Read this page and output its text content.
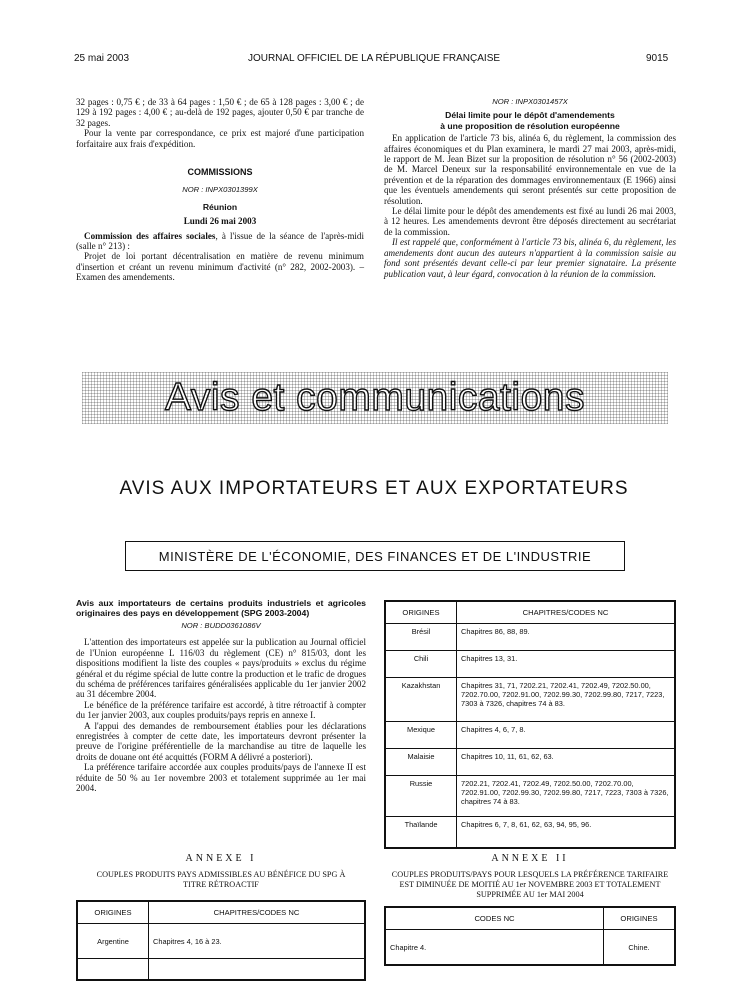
25 mai 2003	JOURNAL OFFICIEL DE LA RÉPUBLIQUE FRANÇAISE	9015

32 pages : 0,75 € ; de 33 à 64 pages : 1,50 € ; de 65 à 128 pages : 3,00 € ; de 129 à 192 pages : 4,00 € ; au-delà de 192 pages, ajouter 0,50 € par tranche de 32 pages.

Pour la vente par correspondance, ce prix est majoré d'une participation forfaitaire aux frais d'expédition.

COMMISSIONS

NOR : INPX0301399X

Réunion

Lundi 26 mai 2003

Commission des affaires sociales, à l'issue de la séance de l'après-midi (salle n° 213) :

Projet de loi portant décentralisation en matière de revenu minimum d'insertion et créant un revenu minimum d'activité (n° 282, 2002-2003). – Examen des amendements.

NOR : INPX0301457X

Délai limite pour le dépôt d'amendements

à une proposition de résolution européenne

En application de l'article 73 bis, alinéa 6, du règlement, la commission des affaires économiques et du Plan examinera, le mardi 27 mai 2003, après-midi, le rapport de M. Jean Bizet sur la proposition de résolution n° 56 (2002-2003) de M. Marcel Deneux sur la responsabilité environnementale en vue de la prévention et de la réparation des dommages environnementaux (E 1966) ainsi que les éventuels amendements qui seront présentés sur cette proposition de résolution.

Le délai limite pour le dépôt des amendements est fixé au lundi 26 mai 2003, à 12 heures. Les amendements devront être déposés directement au secrétariat de la commission.

Il est rappelé que, conformément à l'article 73 bis, alinéa 6, du règlement, les amendements dont aucun des auteurs n'appartient à la commission saisie au fond sont présentés devant celle-ci par leur premier signataire. La présente publication vaut, à leur égard, convocation à la réunion de la commission.

Avis et communications
AVIS AUX IMPORTATEURS ET AUX EXPORTATEURS
MINISTÈRE DE L'ÉCONOMIE, DES FINANCES ET DE L'INDUSTRIE

Avis aux importateurs de certains produits industriels et agricoles originaires des pays en développement (SPG 2003-2004)

NOR : BUDD0361086V

L'attention des importateurs est appelée sur la publication au Journal officiel de l'Union européenne L 116/03 du règlement (CE) n° 815/03, dont les dispositions modifient la liste des couples « pays/produits » exclus du régime général et du régime spécial de lutte contre la production et le trafic de drogues du schéma de préférences tarifaires généralisées applicable du 1er janvier 2002 au 31 décembre 2004.

Le bénéfice de la préférence tarifaire est accordé, à titre rétroactif à compter du 1er janvier 2003, aux couples produits/pays repris en annexe I.

A l'appui des demandes de remboursement établies pour les déclarations enregistrées à compter de cette date, les importateurs devront présenter la preuve de l'origine préférentielle de la marchandise au titre de laquelle les droits de douane ont été acquittés (FORM A délivré a posteriori).

La préférence tarifaire accordée aux couples produits/pays de l'annexe II est réduite de 50 % au 1er novembre 2003 et totalement supprimée au 1er mai 2004.

ANNEXE I
COUPLES PRODUITS PAYS ADMISSIBLES AU BÉNÉFICE DU SPG À TITRE RÉTROACTIF
ORIGINES	CHAPITRES/CODES NC
Argentine	Chapitres 4, 16 à 23.

ORIGINES	CHAPITRES/CODES NC
Brésil	Chapitres 86, 88, 89.
Chili	Chapitres 13, 31.
Kazakhstan	Chapitres 31, 71, 7202.21, 7202.41, 7202.49, 7202.50.00, 7202.70.00, 7202.91.00, 7202.99.30, 7202.99.80, 7217, 7223, 7303 à 7326, chapitres 74 à 83.
Mexique	Chapitres 4, 6, 7, 8.
Malaisie	Chapitres 10, 11, 61, 62, 63.
Russie	7202.21, 7202.41, 7202.49, 7202.50.00, 7202.70.00, 7202.91.00, 7202.99.30, 7202.99.80, 7217, 7223, 7303 à 7326, chapitres 74 à 83.
Thaïlande	Chapitres 6, 7, 8, 61, 62, 63, 94, 95, 96.
ANNEXE II
COUPLES PRODUITS/PAYS POUR LESQUELS LA PRÉFÉRENCE TARIFAIRE EST DIMINUÉE DE MOITIÉ AU 1er NOVEMBRE 2003 ET TOTALEMENT SUPPRIMÉE AU 1er MAI 2004
CODES NC	ORIGINES
Chapitre 4.	Chine.
